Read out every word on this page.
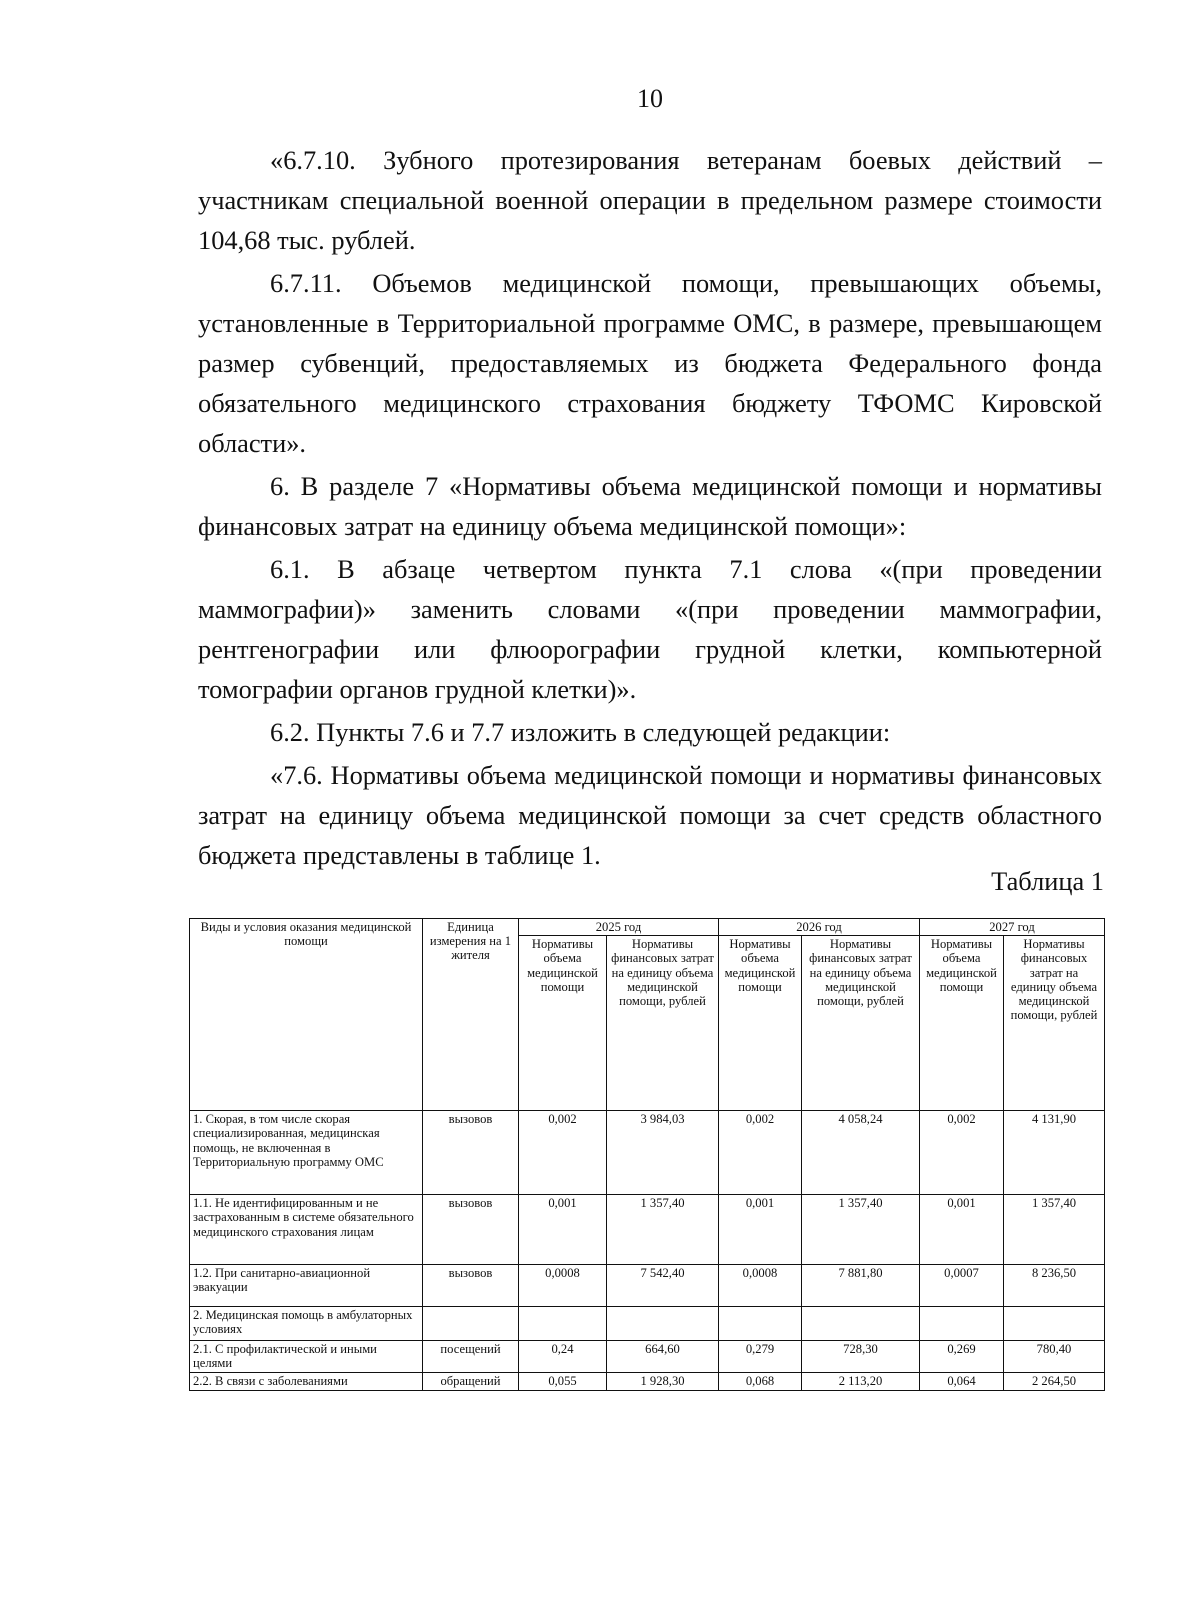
10

«6.7.10. Зубного протезирования ветеранам боевых действий – участникам специальной военной операции в предельном размере стоимости 104,68 тыс. рублей.

6.7.11. Объемов медицинской помощи, превышающих объемы, установленные в Территориальной программе ОМС, в размере, превышающем размер субвенций, предоставляемых из бюджета Федерального фонда обязательного медицинского страхования бюджету ТФОМС Кировской области».

6. В разделе 7 «Нормативы объема медицинской помощи и нормативы финансовых затрат на единицу объема медицинской помощи»:

6.1. В абзаце четвертом пункта 7.1 слова «(при проведении маммографии)» заменить словами «(при проведении маммографии, рентгенографии или флюорографии грудной клетки, компьютерной томографии органов грудной клетки)».

6.2. Пункты 7.6 и 7.7 изложить в следующей редакции:

«7.6. Нормативы объема медицинской помощи и нормативы финансовых затрат на единицу объема медицинской помощи за счет средств областного бюджета представлены в таблице 1.

Таблица 1
Виды и условия оказания медицинской помощи	Единица измерения на 1 жителя	2025 год		2026 год		2027 год	
		Нормативы объема медицинской помощи	Нормативы финансовых затрат на единицу объема медицинской помощи, рублей	Нормативы объема медицинской помощи	Нормативы финансовых затрат на единицу объема медицинской помощи, рублей	Нормативы объема медицинской помощи	Нормативы финансовых затрат на единицу объема медицинской помощи, рублей
1. Скорая, в том числе скорая специализированная, медицинская помощь, не включенная в Территориальную программу ОМС	вызовов	0,002	3 984,03	0,002	4 058,24	0,002	4 131,90
1.1. Не идентифицированным и не застрахованным в системе обязательного медицинского страхования лицам	вызовов	0,001	1 357,40	0,001	1 357,40	0,001	1 357,40
1.2. При санитарно-авиационной эвакуации	вызовов	0,0008	7 542,40	0,0008	7 881,80	0,0007	8 236,50
2. Медицинская помощь в амбулаторных условиях							
2.1. С профилактической и иными целями	посещений	0,24	664,60	0,279	728,30	0,269	780,40
2.2. В связи с заболеваниями	обращений	0,055	1 928,30	0,068	2 113,20	0,064	2 264,50
